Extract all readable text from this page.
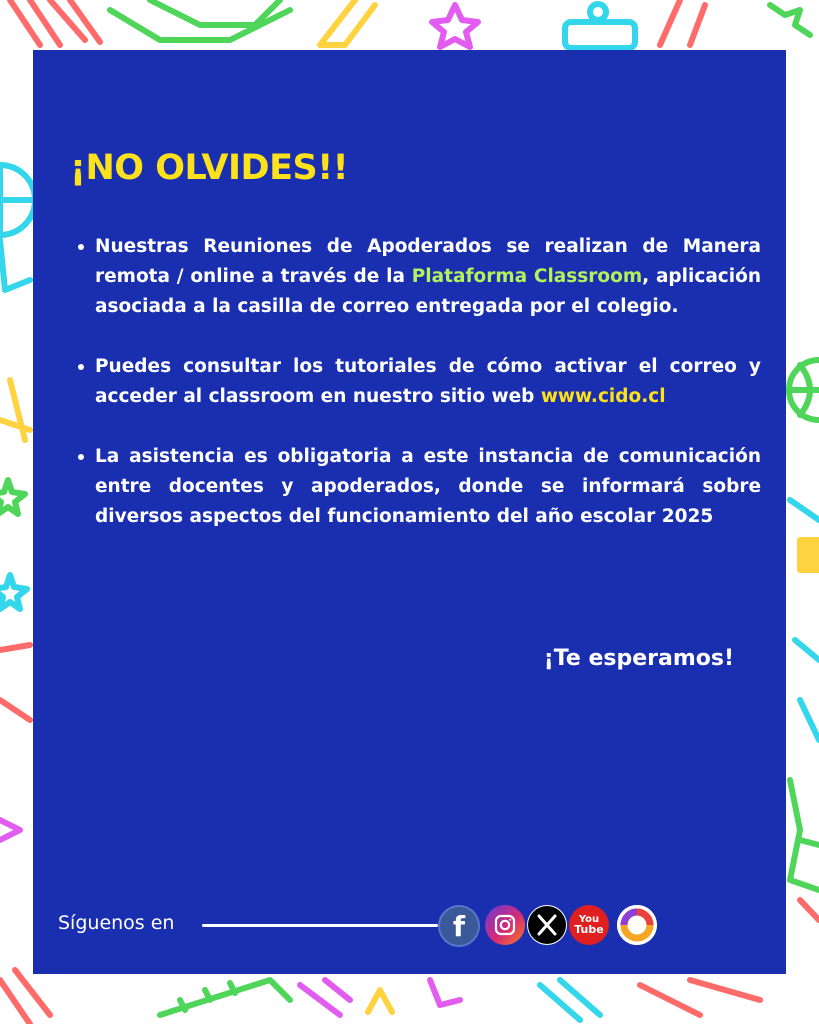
¡NO OLVIDES!!
Nuestras Reuniones de Apoderados se realizan de Manera remota / online a través de la Plataforma Classroom, aplicación asociada a la casilla de correo entregada por el colegio.
Puedes consultar los tutoriales de cómo activar el correo y acceder al classroom en nuestro sitio web www.cido.cl
La asistencia es obligatoria a este instancia de comunicación entre docentes y apoderados, donde se informará sobre diversos aspectos del funcionamiento del año escolar 2025

¡Te esperamos!

Síguenos en	f	You
Tube
